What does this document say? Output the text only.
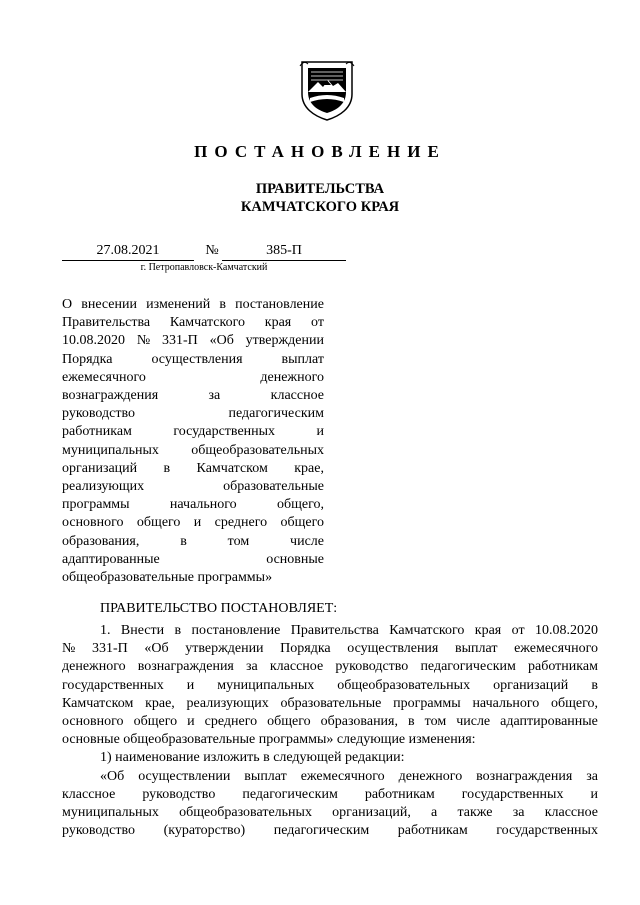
ПОСТАНОВЛЕНИЕ
ПРАВИТЕЛЬСТВА
КАМЧАТСКОГО КРАЯ
27.08.2021	№	385-П
г. Петропавловск-Камчатский
О внесении изменений в постановление
Правительства Камчатского края от
10.08.2020 № 331-П «Об утверждении
Порядка	осуществления	выплат
ежемесячного	денежного
вознаграждения	за	классное
руководство	педагогическим
работникам	государственных	и
муниципальных общеобразовательных
организаций в Камчатском крае,
реализующих	образовательные
программы	начального	общего,
основного общего и среднего общего
образования,	в	том	числе
адаптированные	основные
общеобразовательные программы»
ПРАВИТЕЛЬСТВО ПОСТАНОВЛЯЕТ:
1. Внести в постановление Правительства Камчатского края от 10.08.2020
№ 331-П «Об утверждении Порядка осуществления выплат ежемесячного
денежного вознаграждения за классное руководство педагогическим работникам
государственных и муниципальных общеобразовательных организаций в
Камчатском крае, реализующих образовательные программы начального общего,
основного общего и среднего общего образования, в том числе адаптированные
основные общеобразовательные программы» следующие изменения:
1) наименование изложить в следующей редакции:
«Об осуществлении выплат ежемесячного денежного вознаграждения за
классное руководство педагогическим работникам государственных и
муниципальных общеобразовательных организаций, а также за классное
руководство (кураторство) педагогическим работникам государственных
